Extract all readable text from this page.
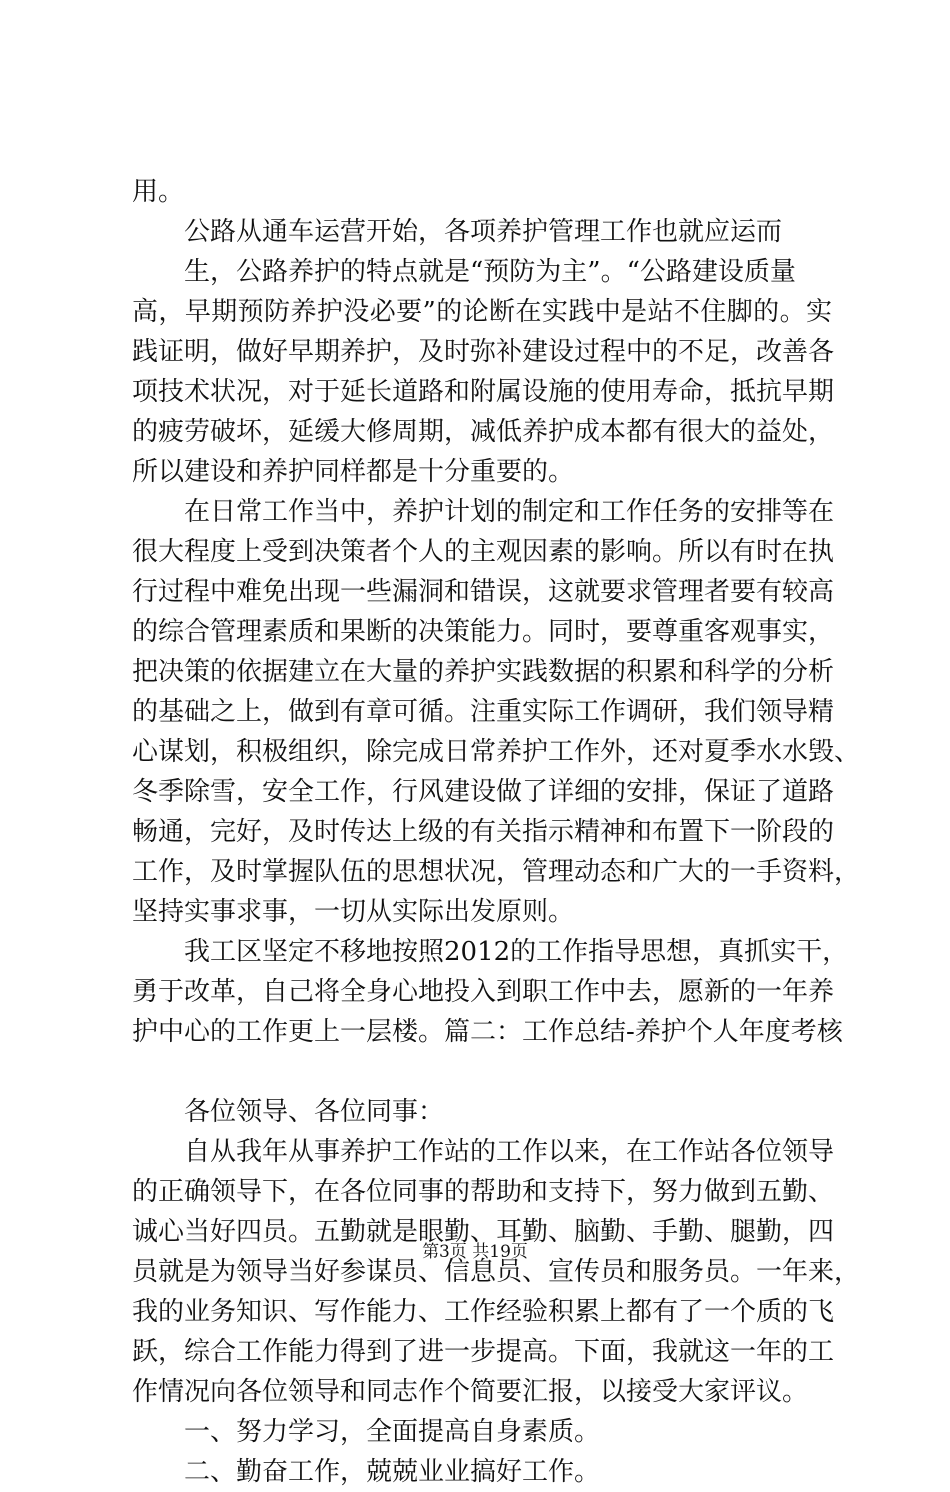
用。
公路从通车运营开始，各项养护管理工作也就应运而
生，公路养护的特点就是“预防为主”。“公路建设质量
高，早期预防养护没必要”的论断在实践中是站不住脚的。实
践证明，做好早期养护，及时弥补建设过程中的不足，改善各
项技术状况，对于延长道路和附属设施的使用寿命，抵抗早期
的疲劳破坏，延缓大修周期，减低养护成本都有很大的益处，
所以建设和养护同样都是十分重要的。
在日常工作当中，养护计划的制定和工作任务的安排等在
很大程度上受到决策者个人的主观因素的影响。所以有时在执
行过程中难免出现一些漏洞和错误，这就要求管理者要有较高
的综合管理素质和果断的决策能力。同时，要尊重客观事实，
把决策的依据建立在大量的养护实践数据的积累和科学的分析
的基础之上，做到有章可循。注重实际工作调研，我们领导精
心谋划，积极组织，除完成日常养护工作外，还对夏季水水毁、
冬季除雪，安全工作，行风建设做了详细的安排，保证了道路
畅通，完好，及时传达上级的有关指示精神和布置下一阶段的
工作，及时掌握队伍的思想状况，管理动态和广大的一手资料，
坚持实事求事，一切从实际出发原则。
我工区坚定不移地按照2012的工作指导思想，真抓实干，
勇于改革，自己将全身心地投入到职工作中去，愿新的一年养
护中心的工作更上一层楼。篇二：工作总结-养护个人年度考核
各位领导、各位同事：
自从我年从事养护工作站的工作以来，在工作站各位领导
的正确领导下，在各位同事的帮助和支持下，努力做到五勤、
诚心当好四员。五勤就是眼勤、耳勤、脑勤、手勤、腿勤，四
员就是为领导当好参谋员、信息员、宣传员和服务员。一年来，
我的业务知识、写作能力、工作经验积累上都有了一个质的飞
跃，综合工作能力得到了进一步提高。下面，我就这一年的工
作情况向各位领导和同志作个简要汇报，以接受大家评议。
一、努力学习，全面提高自身素质。
二、勤奋工作，兢兢业业搞好工作。
第3页 共19页
